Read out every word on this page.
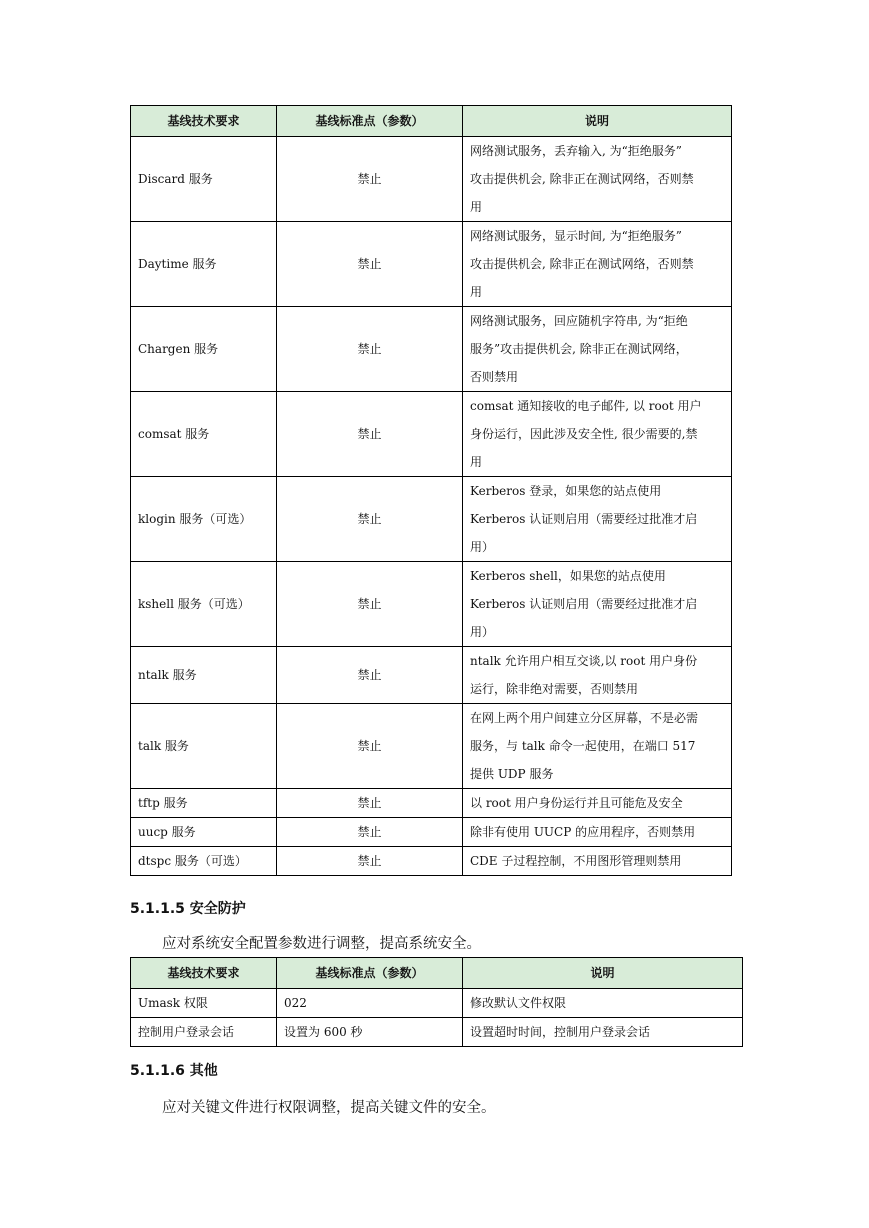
基线技术要求	基线标准点（参数）	说明
Discard 服务	禁止	网络测试服务，丢弃输入, 为“拒绝服务”
攻击提供机会, 除非正在测试网络，否则禁
用

Daytime 服务	禁止	网络测试服务，显示时间, 为“拒绝服务”
攻击提供机会, 除非正在测试网络，否则禁
用

Chargen 服务	禁止	网络测试服务，回应随机字符串, 为“拒绝
服务”攻击提供机会, 除非正在测试网络，
否则禁用

comsat 服务	禁止	comsat 通知接收的电子邮件, 以 root 用户
身份运行，因此涉及安全性, 很少需要的,禁
用

klogin 服务（可选）	禁止	Kerberos 登录，如果您的站点使用
Kerberos 认证则启用（需要经过批准才启
用）

kshell 服务（可选）	禁止	Kerberos shell，如果您的站点使用
Kerberos 认证则启用（需要经过批准才启
用）

ntalk 服务	禁止	ntalk 允许用户相互交谈,以 root 用户身份
运行，除非绝对需要，否则禁用

talk 服务	禁止	在网上两个用户间建立分区屏幕，不是必需
服务，与 talk 命令一起使用，在端口 517
提供 UDP 服务

tftp 服务	禁止	以 root 用户身份运行并且可能危及安全

uucp 服务	禁止	除非有使用 UUCP 的应用程序，否则禁用

dtspc 服务（可选）	禁止	CDE 子过程控制，不用图形管理则禁用
5.1.1.5 安全防护
应对系统安全配置参数进行调整，提高系统安全。
基线技术要求	基线标准点（参数）	说明
Umask 权限	022	修改默认文件权限
控制用户登录会话	设置为 600 秒	设置超时时间，控制用户登录会话
5.1.1.6 其他
应对关键文件进行权限调整，提高关键文件的安全。
